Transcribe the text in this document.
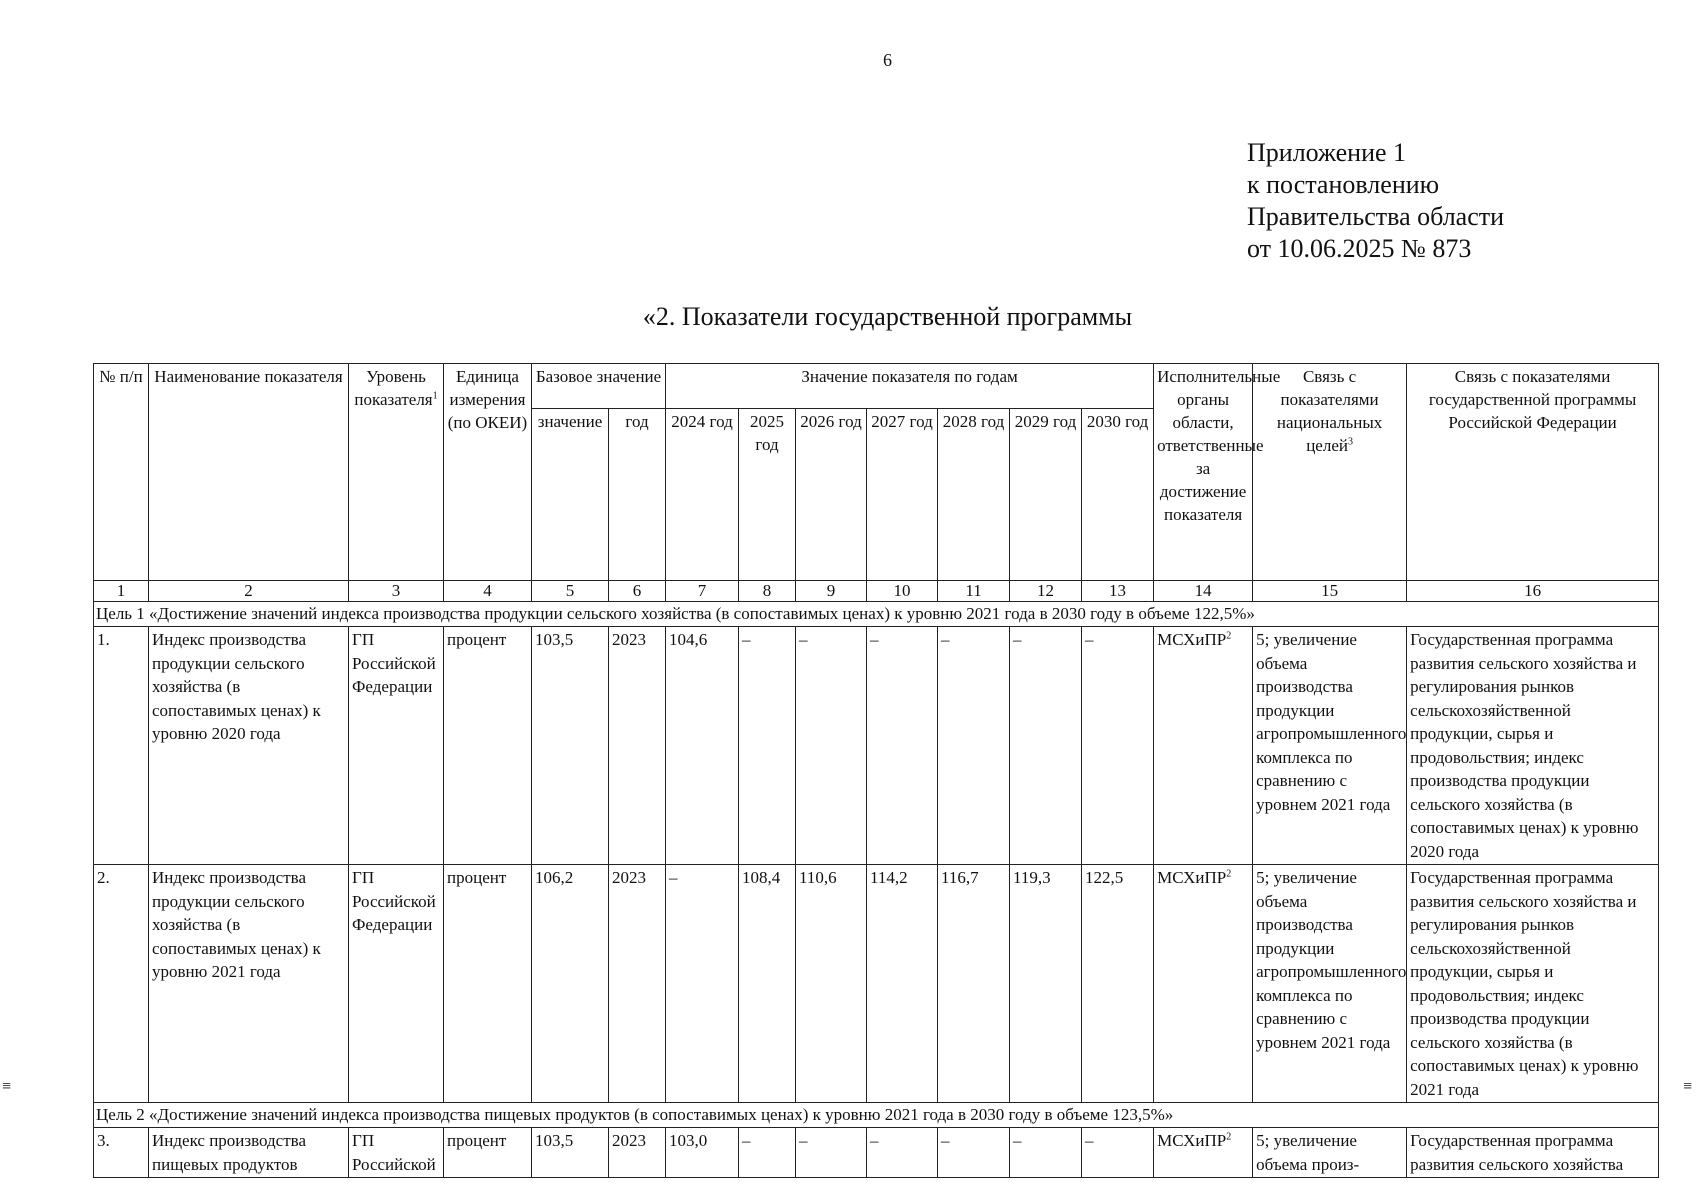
6
Приложение 1
к постановлению
Правительства области
от 10.06.2025 № 873
«2. Показатели государственной программы
№ п/п	Наименование показателя	Уровень показателя$^1$	Единица измерения (по ОКЕИ)	Базовое значение		Значение показателя по годам							Исполнительные органы области, ответственные за достижение показателя	Связь с показателями национальных целей$^3$	Связь с показателями государственной программы Российской Федерации
				значение	год	2024 год	2025 год	2026 год	2027 год	2028 год	2029 год	2030 год			
1	2	3	4	5	6	7	8	9	10	11	12	13	14	15	16
Цель 1 «Достижение значений индекса производства продукции сельского хозяйства (в сопоставимых ценах) к уровню 2021 года в 2030 году в объеме 122,5%»															
1.	Индекс производства продукции сельского хозяйства (в сопоставимых ценах) к уровню 2020 года	ГП Российской Федерации	процент	103,5	2023	104,6	–	–	–	–	–	–	МСХиПР$^2$	5; увеличение объема производства продукции агропромышленного комплекса по сравнению с уровнем 2021 года	Государственная программа развития сельского хозяйства и регулирования рынков сельскохозяйственной продукции, сырья и продовольствия; индекс производства продукции сельского хозяйства (в сопоставимых ценах) к уровню 2020 года
2.	Индекс производства продукции сельского хозяйства (в сопоставимых ценах) к уровню 2021 года	ГП Российской Федерации	процент	106,2	2023	–	108,4	110,6	114,2	116,7	119,3	122,5	МСХиПР$^2$	5; увеличение объема производства продукции агропромышленного комплекса по сравнению с уровнем 2021 года	Государственная программа развития сельского хозяйства и регулирования рынков сельскохозяйственной продукции, сырья и продовольствия; индекс производства продукции сельского хозяйства (в сопоставимых ценах) к уровню 2021 года
Цель 2 «Достижение значений индекса производства пищевых продуктов (в сопоставимых ценах) к уровню 2021 года в 2030 году в объеме 123,5%»															
3.	Индекс производства пищевых продуктов	ГП Российской	процент	103,5	2023	103,0	–	–	–	–	–	–	МСХиПР$^2$	5; увеличение объема произ-	Государственная программа развития сельского хозяйства
≡	≡
